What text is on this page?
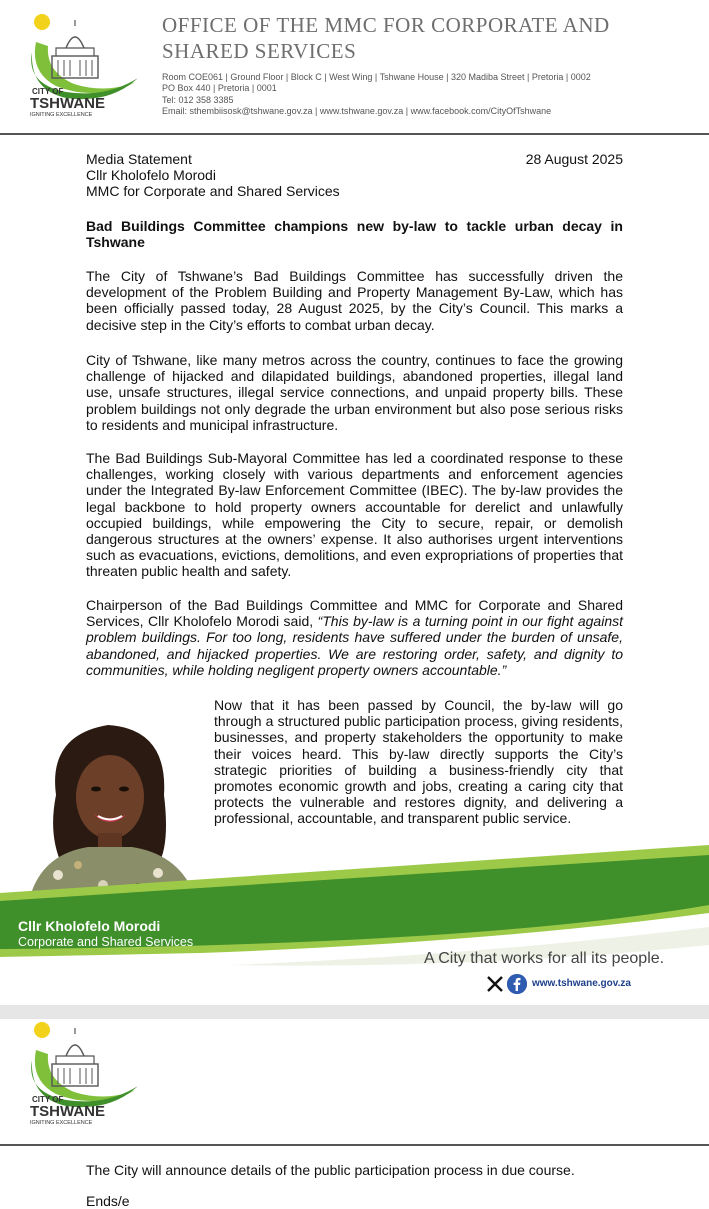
CITY OF
TSHWANE
IGNITING EXCELLENCE
OFFICE OF THE MMC FOR CORPORATE AND
SHARED SERVICES
Room COE061 | Ground Floor | Block C | West Wing | Tshwane House | 320 Madiba Street | Pretoria | 0002
PO Box 440 | Pretoria | 0001
Tel: 012 358 3385
Email: sthembiisosk@tshwane.gov.za | www.tshwane.gov.za | www.facebook.com/CityOfTshwane
Media Statement	28 August 2025
Cllr Kholofelo Morodi
MMC for Corporate and Shared Services
Bad Buildings Committee champions new by-law to tackle urban decay in Tshwane
The City of Tshwane’s Bad Buildings Committee has successfully driven the development of the Problem Building and Property Management By-Law, which has been officially passed today, 28 August 2025, by the City’s Council. This marks a decisive step in the City’s efforts to combat urban decay.
City of Tshwane, like many metros across the country, continues to face the growing challenge of hijacked and dilapidated buildings, abandoned properties, illegal land use, unsafe structures, illegal service connections, and unpaid property bills. These problem buildings not only degrade the urban environment but also pose serious risks to residents and municipal infrastructure.
The Bad Buildings Sub-Mayoral Committee has led a coordinated response to these challenges, working closely with various departments and enforcement agencies under the Integrated By-law Enforcement Committee (IBEC). The by-law provides the legal backbone to hold property owners accountable for derelict and unlawfully occupied buildings, while empowering the City to secure, repair, or demolish dangerous structures at the owners’ expense. It also authorises urgent interventions such as evacuations, evictions, demolitions, and even expropriations of properties that threaten public health and safety.
Chairperson of the Bad Buildings Committee and MMC for Corporate and Shared Services, Cllr Kholofelo Morodi said, “This by-law is a turning point in our fight against problem buildings. For too long, residents have suffered under the burden of unsafe, abandoned, and hijacked properties. We are restoring order, safety, and dignity to communities, while holding negligent property owners accountable.”
Now that it has been passed by Council, the by-law will go through a structured public participation process, giving residents, businesses, and property stakeholders the opportunity to make their voices heard. This by-law directly supports the City’s strategic priorities of building a business-friendly city that promotes economic growth and jobs, creating a caring city that protects the vulnerable and restores dignity, and delivering a professional, accountable, and transparent public service.
Cllr Kholofelo Morodi
Corporate and Shared Services
A City that works for all its people.
www.tshwane.gov.za
CITY OF
TSHWANE
IGNITING EXCELLENCE
The City will announce details of the public participation process in due course.
Ends/e
